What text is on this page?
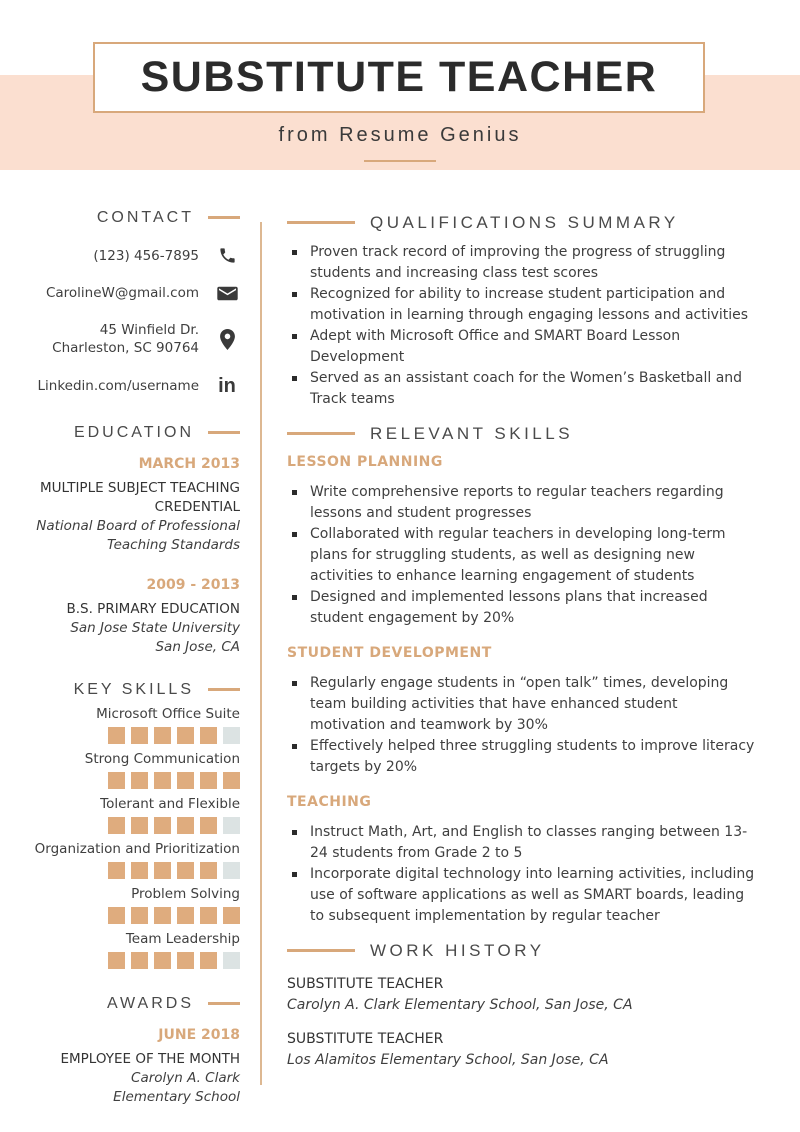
SUBSTITUTE TEACHER
from Resume Genius
CONTACT
(123) 456-7895
CarolineW@gmail.com
45 Winfield Dr.
Charleston, SC 90764
Linkedin.com/username in
EDUCATION
MARCH 2013
MULTIPLE SUBJECT TEACHING CREDENTIAL
National Board of Professional
Teaching Standards
2009 - 2013
B.S. PRIMARY EDUCATION
San Jose State University
San Jose, CA
KEY SKILLS
Microsoft Office Suite
Strong Communication
Tolerant and Flexible
Organization and Prioritization
Problem Solving
Team Leadership
AWARDS
JUNE 2018
EMPLOYEE OF THE MONTH
Carolyn A. Clark
Elementary School
QUALIFICATIONS SUMMARY
Proven track record of improving the progress of struggling students and increasing class test scores
Recognized for ability to increase student participation and motivation in learning through engaging lessons and activities
Adept with Microsoft Office and SMART Board Lesson Development
Served as an assistant coach for the Women’s Basketball and Track teams
RELEVANT SKILLS
LESSON PLANNING
Write comprehensive reports to regular teachers regarding lessons and student progresses
Collaborated with regular teachers in developing long-term plans for struggling students, as well as designing new activities to enhance learning engagement of students
Designed and implemented lessons plans that increased student engagement by 20%
STUDENT DEVELOPMENT
Regularly engage students in “open talk” times, developing team building activities that have enhanced student motivation and teamwork by 30%
Effectively helped three struggling students to improve literacy targets by 20%
TEACHING
Instruct Math, Art, and English to classes ranging between 13-24 students from Grade 2 to 5
Incorporate digital technology into learning activities, including use of software applications as well as SMART boards, leading to subsequent implementation by regular teacher
WORK HISTORY
SUBSTITUTE TEACHER
Carolyn A. Clark Elementary School, San Jose, CA
SUBSTITUTE TEACHER
Los Alamitos Elementary School, San Jose, CA
